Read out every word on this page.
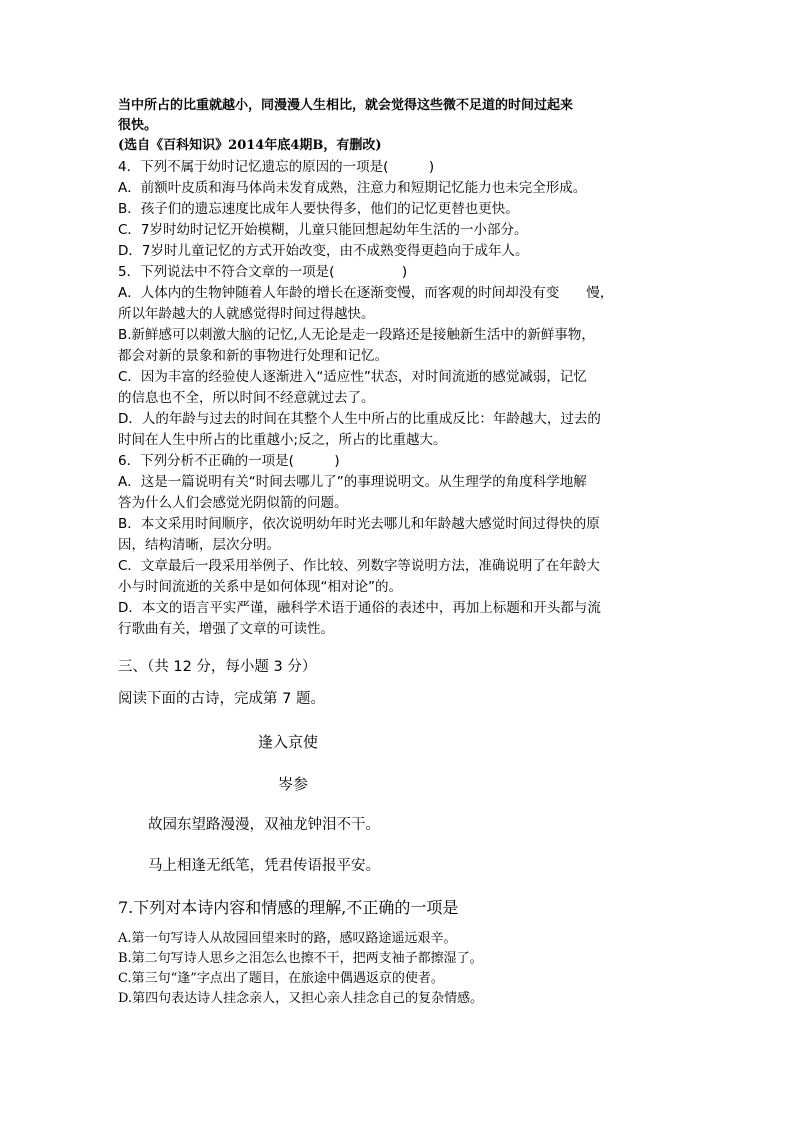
当中所占的比重就越小，同漫漫人生相比，就会觉得这些微不足道的时间过起来
很快。
(选自《百科知识》2014年底4期B，有删改)
4．下列不属于幼时记忆遗忘的原因的一项是(　　　)
A．前额叶皮质和海马体尚未发育成熟，注意力和短期记忆能力也未完全形成。
B．孩子们的遗忘速度比成年人要快得多，他们的记忆更替也更快。
C．7岁时幼时记忆开始模糊，儿童只能回想起幼年生活的一小部分。
D．7岁时儿童记忆的方式开始改变，由不成熟变得更趋向于成年人。
5．下列说法中不符合文章的一项是(　　　　　)
A．人体内的生物钟随着人年龄的增长在逐渐变慢，而客观的时间却没有变　　慢，
所以年龄越大的人就感觉得时间过得越快。
B.新鲜感可以刺激大脑的记忆,人无论是走一段路还是接触新生活中的新鲜事物，
都会对新的景象和新的事物进行处理和记忆。
C．因为丰富的经验使人逐渐进入“适应性”状态，对时间流逝的感觉减弱，记忆
的信息也不全，所以时间不经意就过去了。
D．人的年龄与过去的时间在其整个人生中所占的比重成反比：年龄越大，过去的
时间在人生中所占的比重越小;反之，所占的比重越大。
6．下列分析不正确的一项是(　　　)
A．这是一篇说明有关“时间去哪儿了”的事理说明文。从生理学的角度科学地解
答为什么人们会感觉光阴似箭的问题。
B．本文采用时间顺序，依次说明幼年时光去哪儿和年龄越大感觉时间过得快的原
因，结构清晰，层次分明。
C．文章最后一段采用举例子、作比较、列数字等说明方法，准确说明了在年龄大
小与时间流逝的关系中是如何体现“相对论”的。
D．本文的语言平实严谨，融科学术语于通俗的表述中，再加上标题和开头都与流
行歌曲有关，增强了文章的可读性。
三、（共 12 分，每小题 3 分）
阅读下面的古诗，完成第 7 题。
逢入京使
岑参
故园东望路漫漫，双袖龙钟泪不干。
马上相逢无纸笔，凭君传语报平安。
7.下列对本诗内容和情感的理解,不正确的一项是
A.第一句写诗人从故园回望来时的路，感叹路途遥远艰辛。
B.第二句写诗人思乡之泪怎么也擦不干，把两支袖子都擦湿了。
C.第三句“逢”字点出了题目，在旅途中偶遇返京的使者。
D.第四句表达诗人挂念亲人，又担心亲人挂念自己的复杂情感。
